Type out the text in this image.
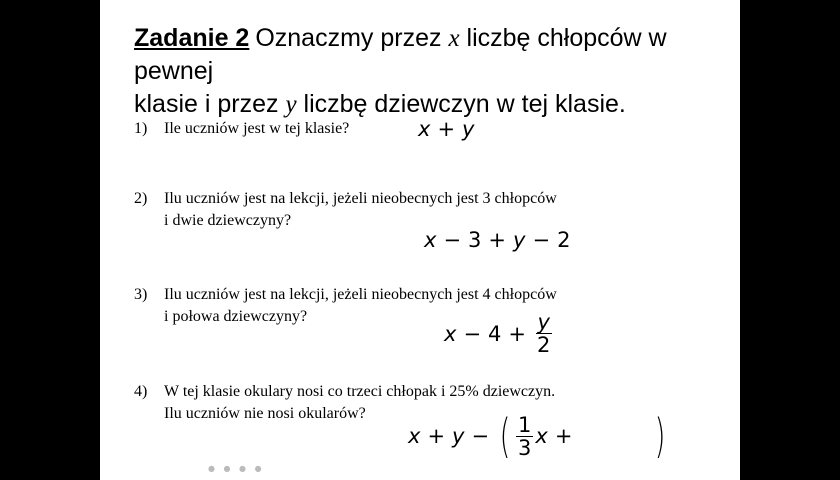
Zadanie 2 Oznaczmy przez x liczbę chłopców w pewnej
klasie i przez y liczbę dziewczyn w tej klasie.
1) Ile uczniów jest w tej klasie?	x + y
2) Ilu uczniów jest na lekcji, jeżeli nieobecnych jest 3 chłopców
i dwie dziewczyny?
x − 3 + y − 2
3) Ilu uczniów jest na lekcji, jeżeli nieobecnych jest 4 chłopców
i połowa dziewczyny?
$x - 4 + \frac{y}{2}$
4) W tej klasie okulary nosi co trzeci chłopak i 25% dziewczyn.
Ilu uczniów nie nosi okularów?
x + y − ( $\frac{1}{3}$ x + )
● ● ● ●
